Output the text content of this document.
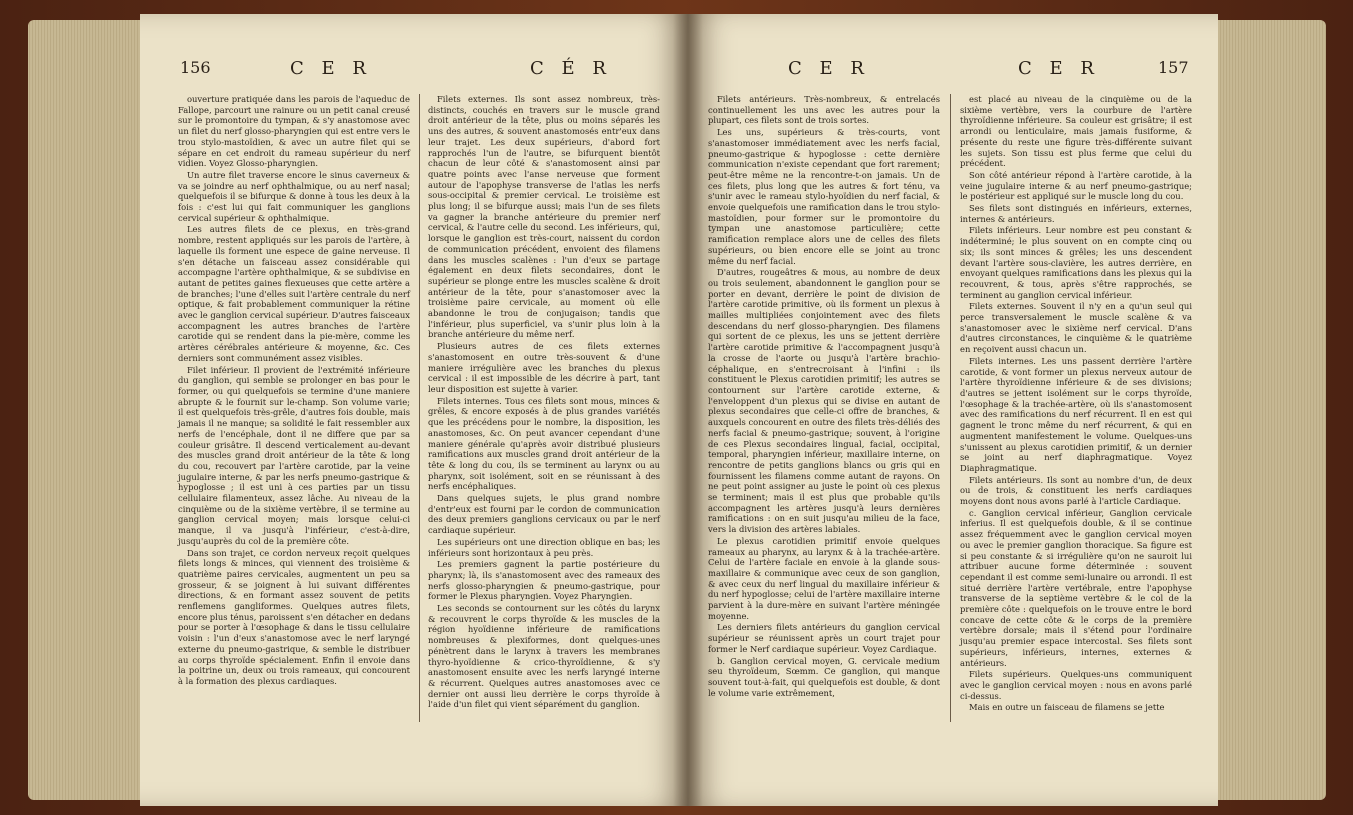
156	C E R	C É R

ouverture pratiquée dans les parois de l'aqueduc de Fallope, parcourt une rainure ou un petit canal creusé sur le promontoire du tympan, & s'y anastomose avec un filet du nerf glosso-pharyngien qui est entre vers le trou stylo-mastoïdien, & avec un autre filet qui se sépare en cet endroit du rameau supérieur du nerf vidien. Voyez Glosso-pharyngien.

Un autre filet traverse encore le sinus caverneux & va se joindre au nerf ophthalmique, ou au nerf nasal; quelquefois il se bifurque & donne à tous les deux à la fois : c'est lui qui fait communiquer les ganglions cervical supérieur & ophthalmique.

Les autres filets de ce plexus, en très-grand nombre, restent appliqués sur les parois de l'artère, à laquelle ils forment une espece de gaine nerveuse. Il s'en détache un faisceau assez considérable qui accompagne l'artère ophthalmique, & se subdivise en autant de petites gaines flexueuses que cette artère a de branches; l'une d'elles suit l'artère centrale du nerf optique, & fait probablement communiquer la rétine avec le ganglion cervical supérieur. D'autres faisceaux accompagnent les autres branches de l'artère carotide qui se rendent dans la pie-mère, comme les artères cérébrales antérieure & moyenne, &c. Ces derniers sont communément assez visibles.

Filet inférieur. Il provient de l'extrémité inférieure du ganglion, qui semble se prolonger en bas pour le former, ou qui quelquefois se termine d'une maniere abrupte & le fournit sur le-champ. Son volume varie; il est quelquefois très-grêle, d'autres fois double, mais jamais il ne manque; sa solidité le fait ressembler aux nerfs de l'encéphale, dont il ne differe que par sa couleur grisâtre. Il descend verticalement au-devant des muscles grand droit antérieur de la tête & long du cou, recouvert par l'artère carotide, par la veine jugulaire interne, & par les nerfs pneumo-gastrique & hypoglosse ; il est uni à ces parties par un tissu cellulaire filamenteux, assez lâche. Au niveau de la cinquième ou de la sixième vertèbre, il se termine au ganglion cervical moyen; mais lorsque celui-ci manque, il va jusqu'à l'inférieur, c'est-à-dire, jusqu'auprès du col de la première côte.

Dans son trajet, ce cordon nerveux reçoit quelques filets longs & minces, qui viennent des troisième & quatrième paires cervicales, augmentent un peu sa grosseur, & se joignent à lui suivant différentes directions, & en formant assez souvent de petits renflemens gangliformes. Quelques autres filets, encore plus ténus, paroissent s'en détacher en dedans pour se porter à l'œsophage & dans le tissu cellulaire voisin : l'un d'eux s'anastomose avec le nerf laryngé externe du pneumo-gastrique, & semble le distribuer au corps thyroïde spécialement. Enfin il envoie dans la poitrine un, deux ou trois rameaux, qui concourent à la formation des plexus cardiaques.

Filets externes. Ils sont assez nombreux, très-distincts, couchés en travers sur le muscle grand droit antérieur de la tête, plus ou moins séparés les uns des autres, & souvent anastomosés entr'eux dans leur trajet. Les deux supérieurs, d'abord fort rapprochés l'un de l'autre, se bifurquent bientôt chacun de leur côté & s'anastomosent ainsi par quatre points avec l'anse nerveuse que forment autour de l'apophyse transverse de l'atlas les nerfs sous-occipital & premier cervical. Le troisième est plus long; il se bifurque aussi; mais l'un de ses filets va gagner la branche antérieure du premier nerf cervical, & l'autre celle du second. Les inférieurs, qui, lorsque le ganglion est très-court, naissent du cordon de communication précédent, envoient des filamens dans les muscles scalènes : l'un d'eux se partage également en deux filets secondaires, dont le supérieur se plonge entre les muscles scalène & droit antérieur de la tête, pour s'anastomoser avec la troisième paire cervicale, au moment où elle abandonne le trou de conjugaison; tandis que l'inférieur, plus superficiel, va s'unir plus loin à la branche antérieure du même nerf.

Plusieurs autres de ces filets externes s'anastomosent en outre très-souvent & d'une maniere irrégulière avec les branches du plexus cervical : il est impossible de les décrire à part, tant leur disposition est sujette à varier.

Filets internes. Tous ces filets sont mous, minces & grêles, & encore exposés à de plus grandes variétés que les précédens pour le nombre, la disposition, les anastomoses, &c. On peut avancer cependant d'une maniere générale qu'après avoir distribué plusieurs ramifications aux muscles grand droit antérieur de la tête & long du cou, ils se terminent au larynx ou au pharynx, soit isolément, soit en se réunissant à des nerfs encéphaliques.

Dans quelques sujets, le plus grand nombre d'entr'eux est fourni par le cordon de communication des deux premiers ganglions cervicaux ou par le nerf cardiaque supérieur.

Les supérieurs ont une direction oblique en bas; les inférieurs sont horizontaux à peu près.

Les premiers gagnent la partie postérieure du pharynx; là, ils s'anastomosent avec des rameaux des nerfs glosso-pharyngien & pneumo-gastrique, pour former le Plexus pharyngien. Voyez Pharyngien.

Les seconds se contournent sur les côtés du larynx & recouvrent le corps thyroïde & les muscles de la région hyoïdienne inférieure de ramifications nombreuses & plexiformes, dont quelques-unes pénètrent dans le larynx à travers les membranes thyro-hyoïdienne & crico-thyroïdienne, & s'y anastomosent ensuite avec les nerfs laryngé interne & récurrent. Quelques autres anastomoses avec ce dernier ont aussi lieu derrière le corps thyroïde à l'aide d'un filet qui vient séparément du ganglion.

C E R	C E R	157

Filets antérieurs. Très-nombreux, & entrelacés continuellement les uns avec les autres pour la plupart, ces filets sont de trois sortes.

Les uns, supérieurs & très-courts, vont s'anastomoser immédiatement avec les nerfs facial, pneumo-gastrique & hypoglosse : cette dernière communication n'existe cependant que fort rarement; peut-être même ne la rencontre-t-on jamais. Un de ces filets, plus long que les autres & fort ténu, va s'unir avec le rameau stylo-hyoïdien du nerf facial, & envoie quelquefois une ramification dans le trou stylo-mastoïdien, pour former sur le promontoire du tympan une anastomose particulière; cette ramification remplace alors une de celles des filets supérieurs, ou bien encore elle se joint au tronc même du nerf facial.

D'autres, rougeâtres & mous, au nombre de deux ou trois seulement, abandonnent le ganglion pour se porter en devant, derrière le point de division de l'artère carotide primitive, où ils forment un plexus à mailles multipliées conjointement avec des filets descendans du nerf glosso-pharyngien. Des filamens qui sortent de ce plexus, les uns se jettent derrière l'artère carotide primitive & l'accompagnent jusqu'à la crosse de l'aorte ou jusqu'à l'artère brachio-céphalique, en s'entrecroisant à l'infini : ils constituent le Plexus carotidien primitif; les autres se contournent sur l'artère carotide externe, & l'enveloppent d'un plexus qui se divise en autant de plexus secondaires que celle-ci offre de branches, & auxquels concourent en outre des filets très-déliés des nerfs facial & pneumo-gastrique; souvent, à l'origine de ces Plexus secondaires lingual, facial, occipital, temporal, pharyngien inférieur, maxillaire interne, on rencontre de petits ganglions blancs ou gris qui en fournissent les filamens comme autant de rayons. On ne peut point assigner au juste le point où ces plexus se terminent; mais il est plus que probable qu'ils accompagnent les artères jusqu'à leurs dernières ramifications : on en suit jusqu'au milieu de la face, vers la division des artères labiales.

Le plexus carotidien primitif envoie quelques rameaux au pharynx, au larynx & à la trachée-artère. Celui de l'artère faciale en envoie à la glande sous-maxillaire & communique avec ceux de son ganglion, & avec ceux du nerf lingual du maxillaire inférieur & du nerf hypoglosse; celui de l'artère maxillaire interne parvient à la dure-mère en suivant l'artère méningée moyenne.

Les derniers filets antérieurs du ganglion cervical supérieur se réunissent après un court trajet pour former le Nerf cardiaque supérieur. Voyez Cardiaque.

b. Ganglion cervical moyen, G. cervicale medium seu thyroïdeum, Sœmm. Ce ganglion, qui manque souvent tout-à-fait, qui quelquefois est double, & dont le volume varie extrêmement,

est placé au niveau de la cinquième ou de la sixième vertèbre, vers la courbure de l'artère thyroïdienne inférieure. Sa couleur est grisâtre; il est arrondi ou lenticulaire, mais jamais fusiforme, & présente du reste une figure très-différente suivant les sujets. Son tissu est plus ferme que celui du précédent.

Son côté antérieur répond à l'artère carotide, à la veine jugulaire interne & au nerf pneumo-gastrique; le postérieur est appliqué sur le muscle long du cou.

Ses filets sont distingués en inférieurs, externes, internes & antérieurs.

Filets inférieurs. Leur nombre est peu constant & indéterminé; le plus souvent on en compte cinq ou six; ils sont minces & grêles; les uns descendent devant l'artère sous-clavière, les autres derrière, en envoyant quelques ramifications dans les plexus qui la recouvrent, & tous, après s'être rapprochés, se terminent au ganglion cervical inférieur.

Filets externes. Souvent il n'y en a qu'un seul qui perce transversalement le muscle scalène & va s'anastomoser avec le sixième nerf cervical. D'ans d'autres circonstances, le cinquième & le quatrième en reçoivent aussi chacun un.

Filets internes. Les uns passent derrière l'artère carotide, & vont former un plexus nerveux autour de l'artère thyroïdienne inférieure & de ses divisions; d'autres se jettent isolément sur le corps thyroïde, l'œsophage & la trachée-artère, où ils s'anastomosent avec des ramifications du nerf récurrent. Il en est qui gagnent le tronc même du nerf récurrent, & qui en augmentent manifestement le volume. Quelques-uns s'unissent au plexus carotidien primitif, & un dernier se joint au nerf diaphragmatique. Voyez Diaphragmatique.

Filets antérieurs. Ils sont au nombre d'un, de deux ou de trois, & constituent les nerfs cardiaques moyens dont nous avons parlé à l'article Cardiaque.

c. Ganglion cervical inférieur, Ganglion cervicale inferius. Il est quelquefois double, & il se continue assez fréquemment avec le ganglion cervical moyen ou avec le premier ganglion thoracique. Sa figure est si peu constante & si irrégulière qu'on ne sauroit lui attribuer aucune forme déterminée : souvent cependant il est comme semi-lunaire ou arrondi. Il est situé derrière l'artère vertébrale, entre l'apophyse transverse de la septième vertèbre & le col de la première côte : quelquefois on le trouve entre le bord concave de cette côte & le corps de la première vertèbre dorsale; mais il s'étend pour l'ordinaire jusqu'au premier espace intercostal. Ses filets sont supérieurs, inférieurs, internes, externes & antérieurs.

Filets supérieurs. Quelques-uns communiquent avec le ganglion cervical moyen : nous en avons parlé ci-dessus.

Mais en outre un faisceau de filamens se jette
